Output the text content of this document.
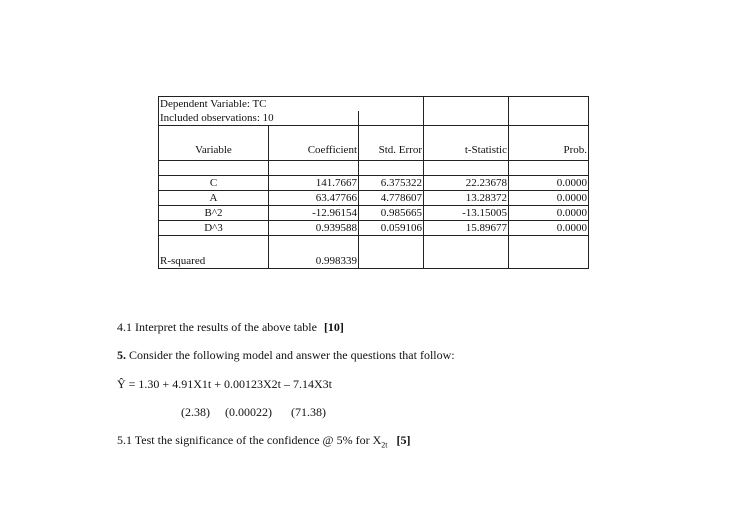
Dependent Variable: TC				
Included observations: 10				

Variable	Coefficient	Std. Error	t-Statistic	Prob.

C	141.7667	6.375322	22.23678	0.0000
A	63.47766	4.778607	13.28372	0.0000
B^2	-12.96154	0.985665	-13.15005	0.0000
D^3	0.939588	0.059106	15.89677	0.0000

R-squared	0.998339			
4.1 Interpret the results of the above table [10]
5. Consider the following model and answer the questions that follow:
Ŷ = 1.30 + 4.91X1t + 0.00123X2t – 7.14X3t
(2.38) (0.00022) (71.38)
5.1 Test the significance of the confidence @ 5% for $X_{2t}$ [5]
